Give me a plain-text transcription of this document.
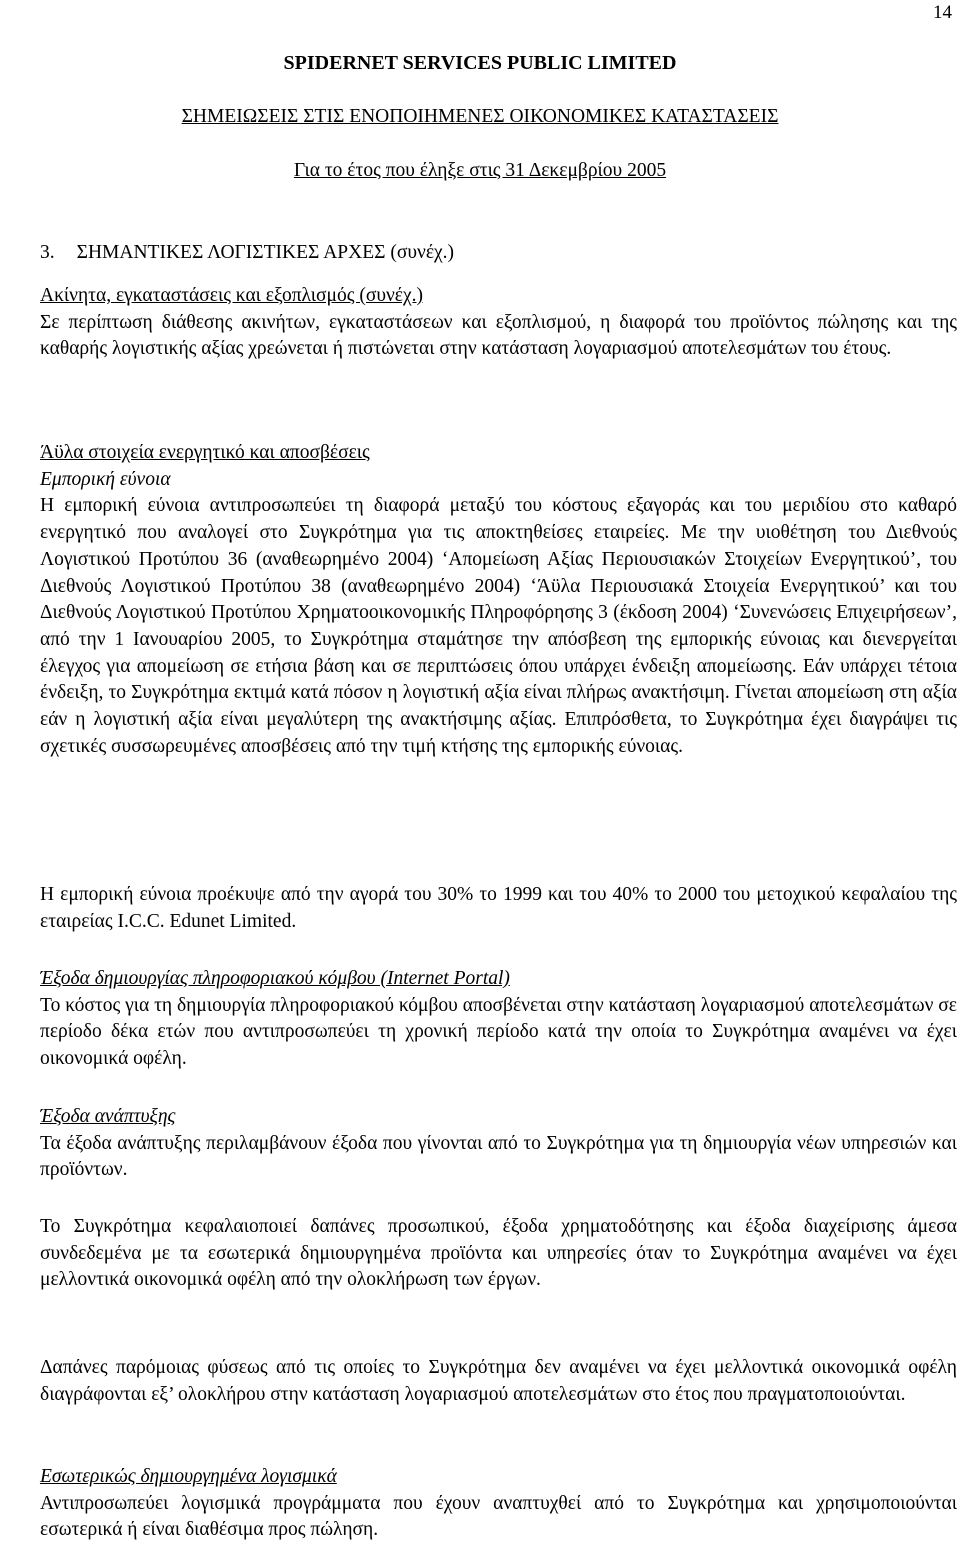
14
SPIDERNET SERVICES PUBLIC LIMITED
ΣΗΜΕΙΩΣΕΙΣ ΣΤΙΣ ΕΝΟΠΟΙΗΜΕΝΕΣ ΟΙΚΟΝΟΜΙΚΕΣ ΚΑΤΑΣΤΑΣΕΙΣ
Για το έτος που έληξε στις 31 Δεκεμβρίου 2005
3. ΣΗΜΑΝΤΙΚΕΣ ΛΟΓΙΣΤΙΚΕΣ ΑΡΧΕΣ (συνέχ.)

Ακίνητα, εγκαταστάσεις και εξοπλισμός (συνέχ.)

Σε περίπτωση διάθεσης ακινήτων, εγκαταστάσεων και εξοπλισμού, η διαφορά του προϊόντος πώλησης και της καθαρής λογιστικής αξίας χρεώνεται ή πιστώνεται στην κατάσταση λογαριασμού αποτελεσμάτων του έτους.

Άϋλα στοιχεία ενεργητικό και αποσβέσεις

Εμπορική εύνοια

Η εμπορική εύνοια αντιπροσωπεύει τη διαφορά μεταξύ του κόστους εξαγοράς και του μεριδίου στο καθαρό ενεργητικό που αναλογεί στο Συγκρότημα για τις αποκτηθείσες εταιρείες. Με την υιοθέτηση του Διεθνούς Λογιστικού Προτύπου 36 (αναθεωρημένο 2004) ‘Απομείωση Αξίας Περιουσιακών Στοιχείων Ενεργητικού’, του Διεθνούς Λογιστικού Προτύπου 38 (αναθεωρημένο 2004) ‘Άϋλα Περιουσιακά Στοιχεία Ενεργητικού’ και του Διεθνούς Λογιστικού Προτύπου Χρηματοοικονομικής Πληροφόρησης 3 (έκδοση 2004) ‘Συνενώσεις Επιχειρήσεων’, από την 1 Ιανουαρίου 2005, το Συγκρότημα σταμάτησε την απόσβεση της εμπορικής εύνοιας και διενεργείται έλεγχος για απομείωση σε ετήσια βάση και σε περιπτώσεις όπου υπάρχει ένδειξη απομείωσης. Εάν υπάρχει τέτοια ένδειξη, το Συγκρότημα εκτιμά κατά πόσον η λογιστική αξία είναι πλήρως ανακτήσιμη. Γίνεται απομείωση στη αξία εάν η λογιστική αξία είναι μεγαλύτερη της ανακτήσιμης αξίας. Επιπρόσθετα, το Συγκρότημα έχει διαγράψει τις σχετικές συσσωρευμένες αποσβέσεις από την τιμή κτήσης της εμπορικής εύνοιας.

Η εμπορική εύνοια προέκυψε από την αγορά του 30% το 1999 και του 40% το 2000 του μετοχικού κεφαλαίου της εταιρείας I.C.C. Edunet Limited.

Έξοδα δημιουργίας πληροφοριακού κόμβου (Internet Portal)

Το κόστος για τη δημιουργία πληροφοριακού κόμβου αποσβένεται στην κατάσταση λογαριασμού αποτελεσμάτων σε περίοδο δέκα ετών που αντιπροσωπεύει τη χρονική περίοδο κατά την οποία το Συγκρότημα αναμένει να έχει οικονομικά οφέλη.

Έξοδα ανάπτυξης

Τα έξοδα ανάπτυξης περιλαμβάνουν έξοδα που γίνονται από το Συγκρότημα για τη δημιουργία νέων υπηρεσιών και προϊόντων.

Το Συγκρότημα κεφαλαιοποιεί δαπάνες προσωπικού, έξοδα χρηματοδότησης και έξοδα διαχείρισης άμεσα συνδεδεμένα με τα εσωτερικά δημιουργημένα προϊόντα και υπηρεσίες όταν το Συγκρότημα αναμένει να έχει μελλοντικά οικονομικά οφέλη από την ολοκλήρωση των έργων.

Δαπάνες παρόμοιας φύσεως από τις οποίες το Συγκρότημα δεν αναμένει να έχει μελλοντικά οικονομικά οφέλη διαγράφονται εξ’ ολοκλήρου στην κατάσταση λογαριασμού αποτελεσμάτων στο έτος που πραγματοποιούνται.

Εσωτερικώς δημιουργημένα λογισμικά

Αντιπροσωπεύει λογισμικά προγράμματα που έχουν αναπτυχθεί από το Συγκρότημα και χρησιμοποιούνται εσωτερικά ή είναι διαθέσιμα προς πώληση.
